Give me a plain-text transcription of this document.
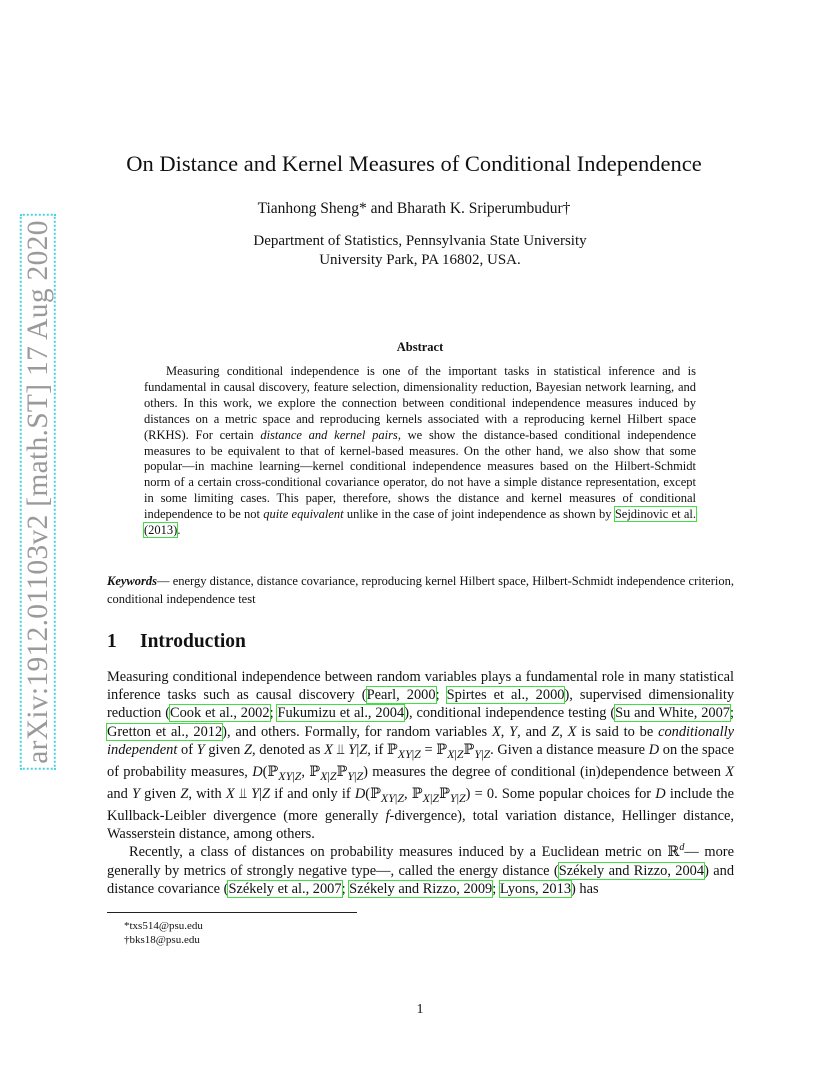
arXiv:1912.01103v2 [math.ST] 17 Aug 2020
On Distance and Kernel Measures of Conditional Independence
Tianhong Sheng* and Bharath K. Sriperumbudur†
Department of Statistics, Pennsylvania State University
University Park, PA 16802, USA.
Abstract
Measuring conditional independence is one of the important tasks in statistical inference and is fundamental in causal discovery, feature selection, dimensionality reduction, Bayesian network learning, and others. In this work, we explore the connection between conditional independence measures induced by distances on a metric space and reproducing kernels associated with a reproducing kernel Hilbert space (RKHS). For certain distance and kernel pairs, we show the distance-based conditional independence measures to be equivalent to that of kernel-based measures. On the other hand, we also show that some popular—in machine learning—kernel conditional independence measures based on the Hilbert-Schmidt norm of a certain cross-conditional covariance operator, do not have a simple distance representation, except in some limiting cases. This paper, therefore, shows the distance and kernel measures of conditional independence to be not quite equivalent unlike in the case of joint independence as shown by Sejdinovic et al. (2013).
Keywords— energy distance, distance covariance, reproducing kernel Hilbert space, Hilbert-Schmidt independence criterion, conditional independence test
1 Introduction

Measuring conditional independence between random variables plays a fundamental role in many statistical inference tasks such as causal discovery (Pearl, 2000; Spirtes et al., 2000), supervised dimensionality reduction (Cook et al., 2002; Fukumizu et al., 2004), conditional independence testing (Su and White, 2007; Gretton et al., 2012), and others. Formally, for random variables X, Y, and Z, X is said to be conditionally independent of Y given Z, denoted as X ⫫ Y|Z, if ℙ$_{XY|Z}$ = ℙ$_{X|Z}$ℙ$_{Y|Z}$. Given a distance measure D on the space of probability measures, D(ℙ$_{XY|Z}$, ℙ$_{X|Z}$ℙ$_{Y|Z}$) measures the degree of conditional (in)dependence between X and Y given Z, with X ⫫ Y|Z if and only if D(ℙ$_{XY|Z}$, ℙ$_{X|Z}$ℙ$_{Y|Z}$) = 0. Some popular choices for D include the Kullback-Leibler divergence (more generally f-divergence), total variation distance, Hellinger distance, Wasserstein distance, among others.

Recently, a class of distances on probability measures induced by a Euclidean metric on ℝ$^d$— more generally by metrics of strongly negative type—, called the energy distance (Székely and Rizzo, 2004) and distance covariance (Székely et al., 2007; Székely and Rizzo, 2009; Lyons, 2013) has

*txs514@psu.edu
†bks18@psu.edu
1
